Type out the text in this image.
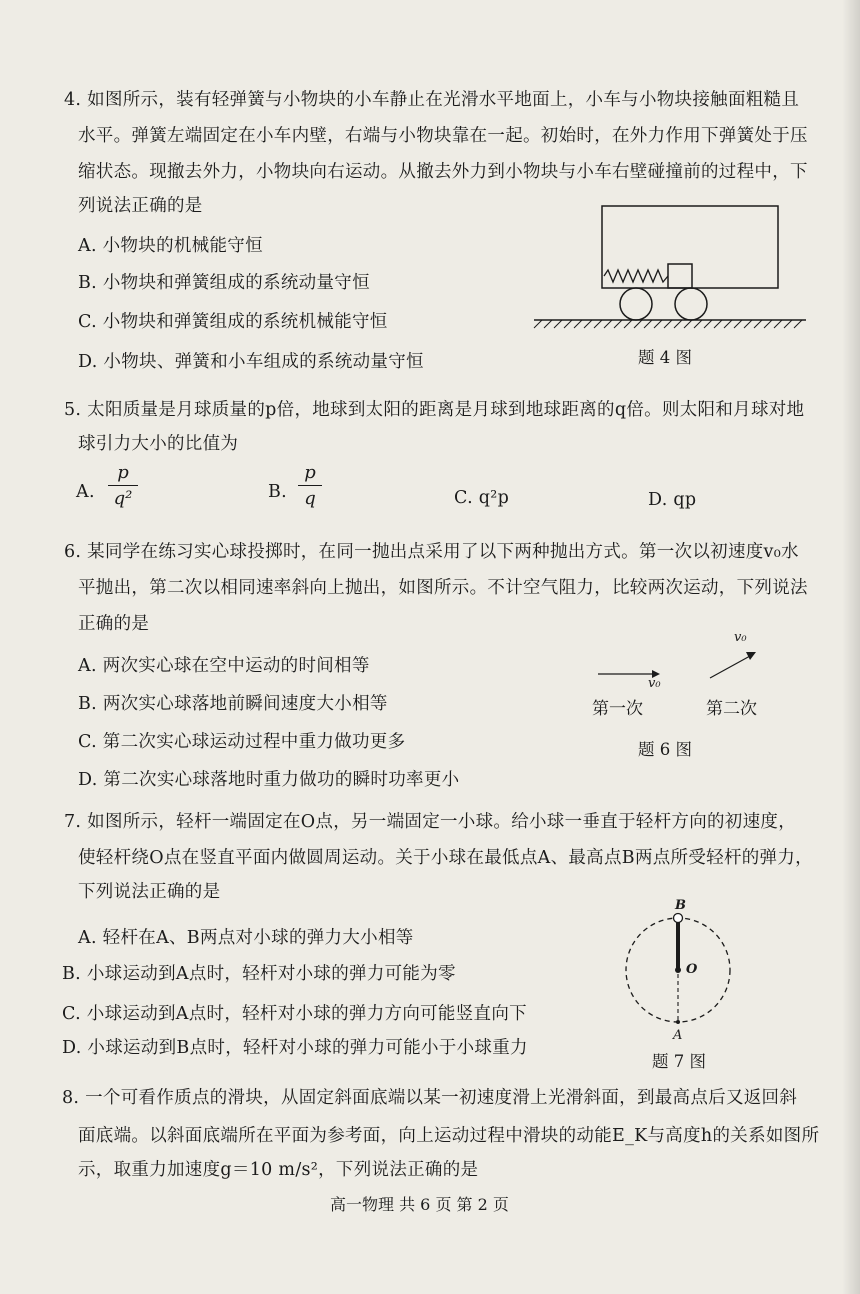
4. 如图所示，装有轻弹簧与小物块的小车静止在光滑水平地面上，小车与小物块接触面粗糙且
水平。弹簧左端固定在小车内壁，右端与小物块靠在一起。初始时，在外力作用下弹簧处于压
缩状态。现撤去外力，小物块向右运动。从撤去外力到小物块与小车右壁碰撞前的过程中，下
列说法正确的是
A. 小物块的机械能守恒
B. 小物块和弹簧组成的系统动量守恒
C. 小物块和弹簧组成的系统机械能守恒
D. 小物块、弹簧和小车组成的系统动量守恒	题 4 图
5. 太阳质量是月球质量的p倍，地球到太阳的距离是月球到地球距离的q倍。则太阳和月球对地
球引力大小的比值为
A.
p
q²	B.
p
q	C. q²p	D. qp
6. 某同学在练习实心球投掷时，在同一抛出点采用了以下两种抛出方式。第一次以初速度v₀水
平抛出，第二次以相同速率斜向上抛出，如图所示。不计空气阻力，比较两次运动，下列说法
正确的是
A. 两次实心球在空中运动的时间相等
B. 两次实心球落地前瞬间速度大小相等
C. 第二次实心球运动过程中重力做功更多
D. 第二次实心球落地时重力做功的瞬时功率更小
v₀
v₀
第一次	第二次
题 6 图
7. 如图所示，轻杆一端固定在O点，另一端固定一小球。给小球一垂直于轻杆方向的初速度，
使轻杆绕O点在竖直平面内做圆周运动。关于小球在最低点A、最高点B两点所受轻杆的弹力，
下列说法正确的是
A. 轻杆在A、B两点对小球的弹力大小相等
B. 小球运动到A点时，轻杆对小球的弹力可能为零
C. 小球运动到A点时，轻杆对小球的弹力方向可能竖直向下
D. 小球运动到B点时，轻杆对小球的弹力可能小于小球重力
B
O
A
题 7 图
8. 一个可看作质点的滑块，从固定斜面底端以某一初速度滑上光滑斜面，到最高点后又返回斜
面底端。以斜面底端所在平面为参考面，向上运动过程中滑块的动能E_K与高度h的关系如图所
示，取重力加速度g＝10 m/s²，下列说法正确的是
高一物理 共 6 页 第 2 页
